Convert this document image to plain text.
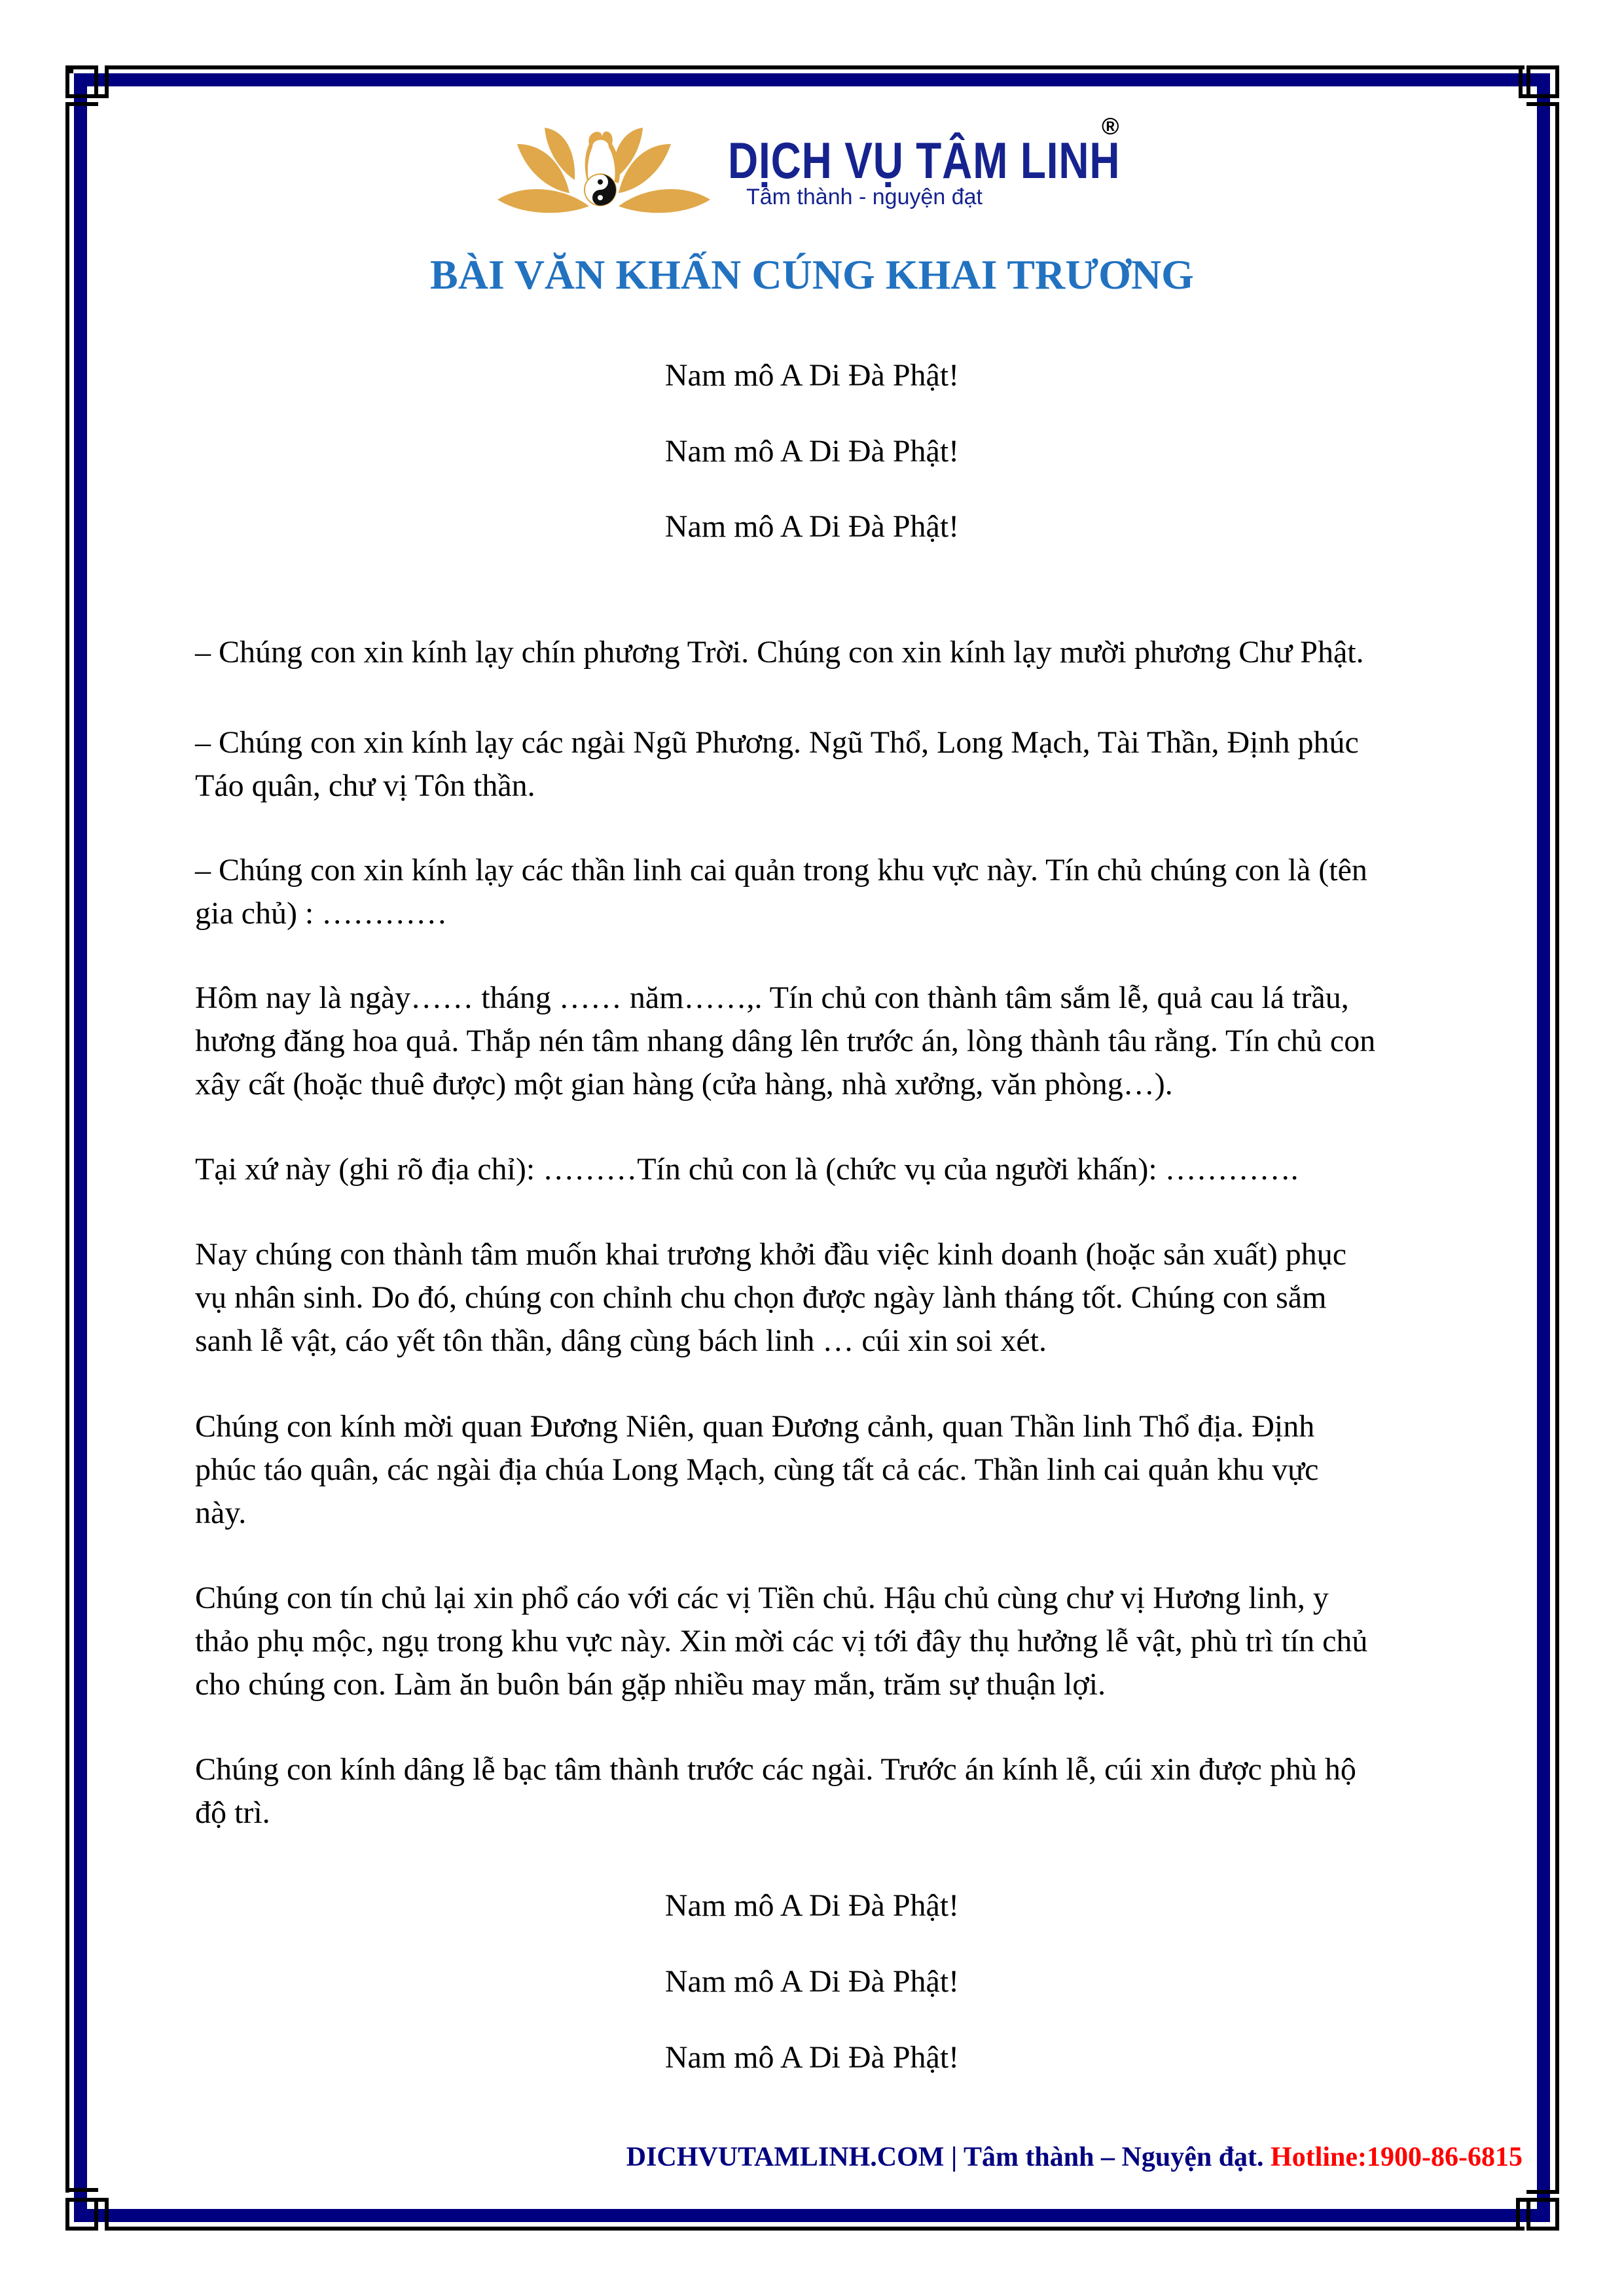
DỊCH VỤ TÂM LINH
®
Tâm thành - nguyện đạt
BÀI VĂN KHẤN CÚNG KHAI TRƯƠNG
Nam mô A Di Đà Phật!
Nam mô A Di Đà Phật!
Nam mô A Di Đà Phật!
– Chúng con xin kính lạy chín phương Trời. Chúng con xin kính lạy mười phương Chư Phật.
– Chúng con xin kính lạy các ngài Ngũ Phương. Ngũ Thổ, Long Mạch, Tài Thần, Định phúc
Táo quân, chư vị Tôn thần.
– Chúng con xin kính lạy các thần linh cai quản trong khu vực này. Tín chủ chúng con là (tên
gia chủ) : …………
Hôm nay là ngày…… tháng …… năm……,. Tín chủ con thành tâm sắm lễ, quả cau lá trầu,
hương đăng hoa quả. Thắp nén tâm nhang dâng lên trước án, lòng thành tâu rằng. Tín chủ con
xây cất (hoặc thuê được) một gian hàng (cửa hàng, nhà xưởng, văn phòng…).
Tại xứ này (ghi rõ địa chỉ): ………Tín chủ con là (chức vụ của người khấn): ………….
Nay chúng con thành tâm muốn khai trương khởi đầu việc kinh doanh (hoặc sản xuất) phục
vụ nhân sinh. Do đó, chúng con chỉnh chu chọn được ngày lành tháng tốt. Chúng con sắm
sanh lễ vật, cáo yết tôn thần, dâng cùng bách linh … cúi xin soi xét.
Chúng con kính mời quan Đương Niên, quan Đương cảnh, quan Thần linh Thổ địa. Định
phúc táo quân, các ngài địa chúa Long Mạch, cùng tất cả các. Thần linh cai quản khu vực
này.
Chúng con tín chủ lại xin phổ cáo với các vị Tiền chủ. Hậu chủ cùng chư vị Hương linh, y
thảo phụ mộc, ngụ trong khu vực này. Xin mời các vị tới đây thụ hưởng lễ vật, phù trì tín chủ
cho chúng con. Làm ăn buôn bán gặp nhiều may mắn, trăm sự thuận lợi.
Chúng con kính dâng lễ bạc tâm thành trước các ngài. Trước án kính lễ, cúi xin được phù hộ
độ trì.
Nam mô A Di Đà Phật!
Nam mô A Di Đà Phật!
Nam mô A Di Đà Phật!
DICHVUTAMLINH.COM | Tâm thành – Nguyện đạt. Hotline:1900-86-6815
